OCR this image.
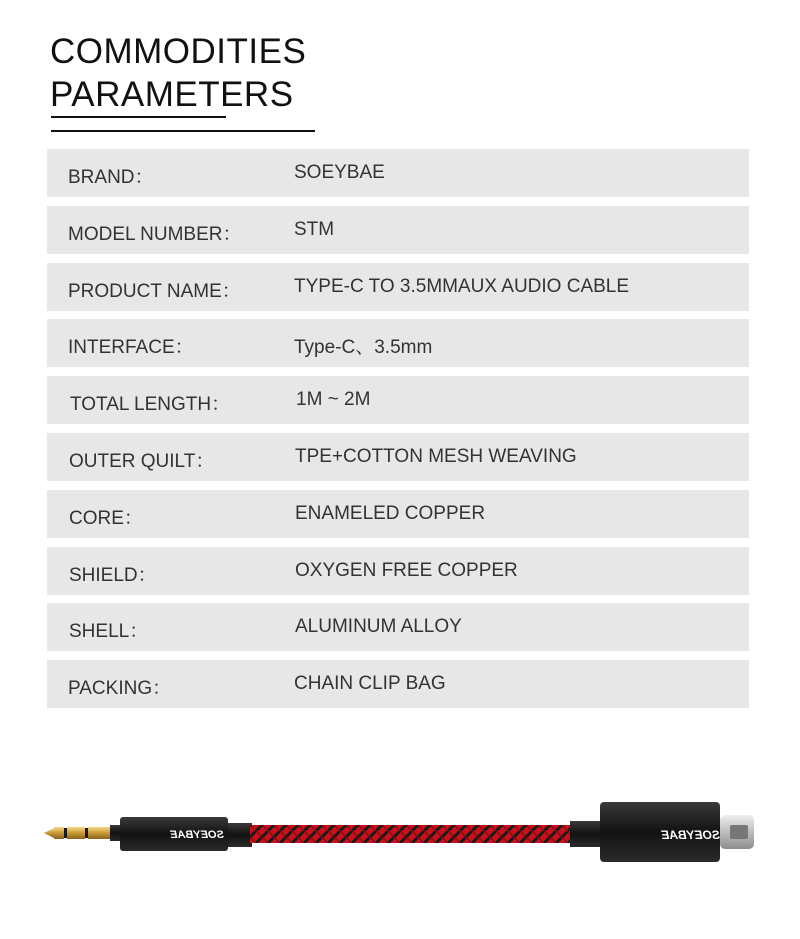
COMMODITIES
PARAMETERS
BRAND：	SOEYBAE
MODEL NUMBER：	STM
PRODUCT NAME：	TYPE-C TO 3.5MMAUX AUDIO CABLE
INTERFACE：	Type-C、3.5mm
TOTAL LENGTH：	1M ~ 2M
OUTER QUILT：	TPE+COTTON MESH WEAVING
CORE：	ENAMELED COPPER
SHIELD：	OXYGEN FREE COPPER
SHELL：	ALUMINUM ALLOY
PACKING：	CHAIN CLIP BAG
SOEYBAE	SOEYBAE
